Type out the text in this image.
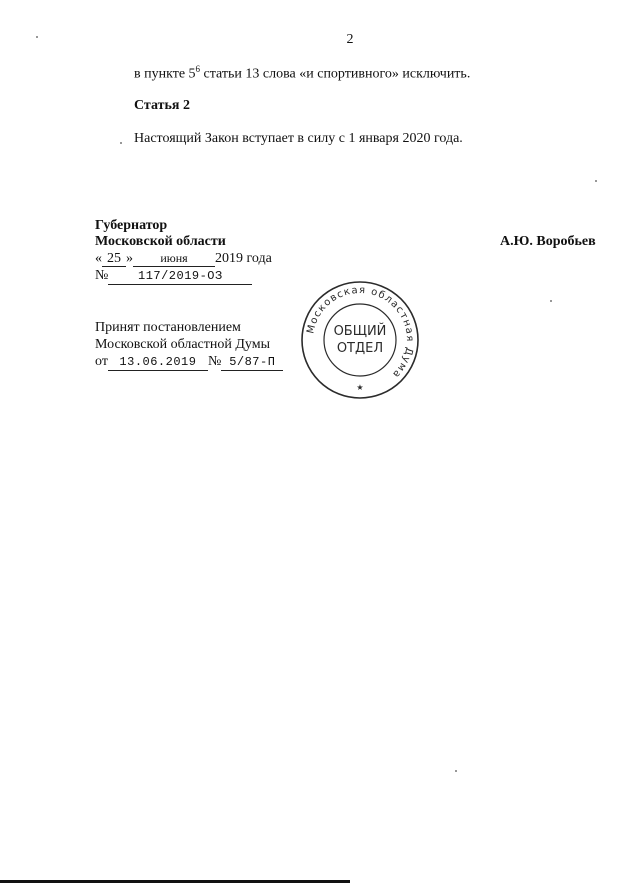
2
в пункте $5^6$ статьи 13 слова «и спортивного» исключить.
Статья 2
Настоящий Закон вступает в силу с 1 января 2020 года.
Губернатор
Московской области	А.Ю. Воробьев
« 25 » июня 2019 года
№ 117/2019-ОЗ
Принят постановлением
Московской областной Думы
от 13.06.2019 № 5/87-П
Московская областная Дума
ОБЩИЙ
ОТДЕЛ
★
